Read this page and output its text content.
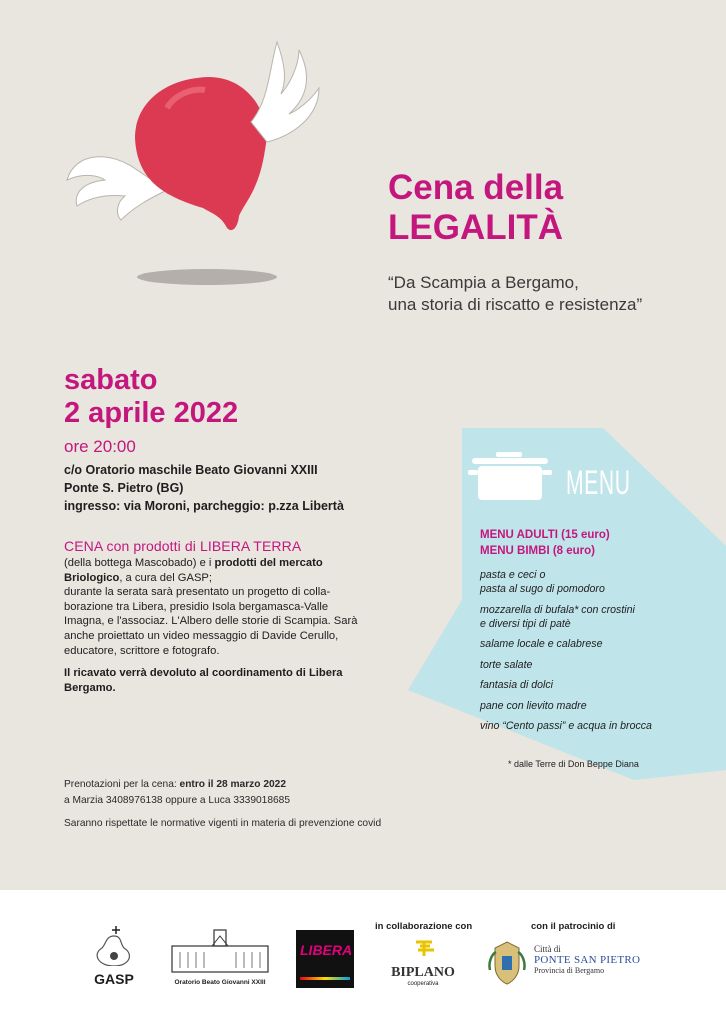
Cena della
LEGALITÀ
“Da Scampia a Bergamo,
una storia di riscatto e resistenza”
sabato
2 aprile 2022
ore 20:00
c/o Oratorio maschile Beato Giovanni XXIII
Ponte S. Pietro (BG)
ingresso: via Moroni, parcheggio: p.zza Libertà
CENA con prodotti di LIBERA TERRA
(della bottega Mascobado) e i prodotti del mercato Briologico, a cura del GASP;
durante la serata sarà presentato un progetto di colla-borazione tra Libera, presidio Isola bergamasca-Valle Imagna, e l'associaz. L'Albero delle storie di Scampia. Sarà anche proiettato un video messaggio di Davide Cerullo, educatore, scrittore e fotografo.
Il ricavato verrà devoluto al coordinamento di Libera Bergamo.
Prenotazioni per la cena: entro il 28 marzo 2022
a Marzia 3408976138 oppure a Luca 3339018685
Saranno rispettate le normative vigenti in materia di prevenzione covid
MENU
MENU ADULTI (15 euro)
MENU BIMBI (8 euro)
pasta e ceci o
pasta al sugo di pomodoro
mozzarella di bufala* con crostini
e diversi tipi di patè
salame locale e calabrese
torte salate
fantasia di dolci
pane con lievito madre
vino “Cento passi” e acqua in brocca
* dalle Terre di Don Beppe Diana
GASP	Oratorio Beato Giovanni XXIII
LIBERA
in collaborazione con
BIPLANO
cooperativa
con il patrocinio di
Città di
PONTE SAN PIETRO
Provincia di Bergamo
